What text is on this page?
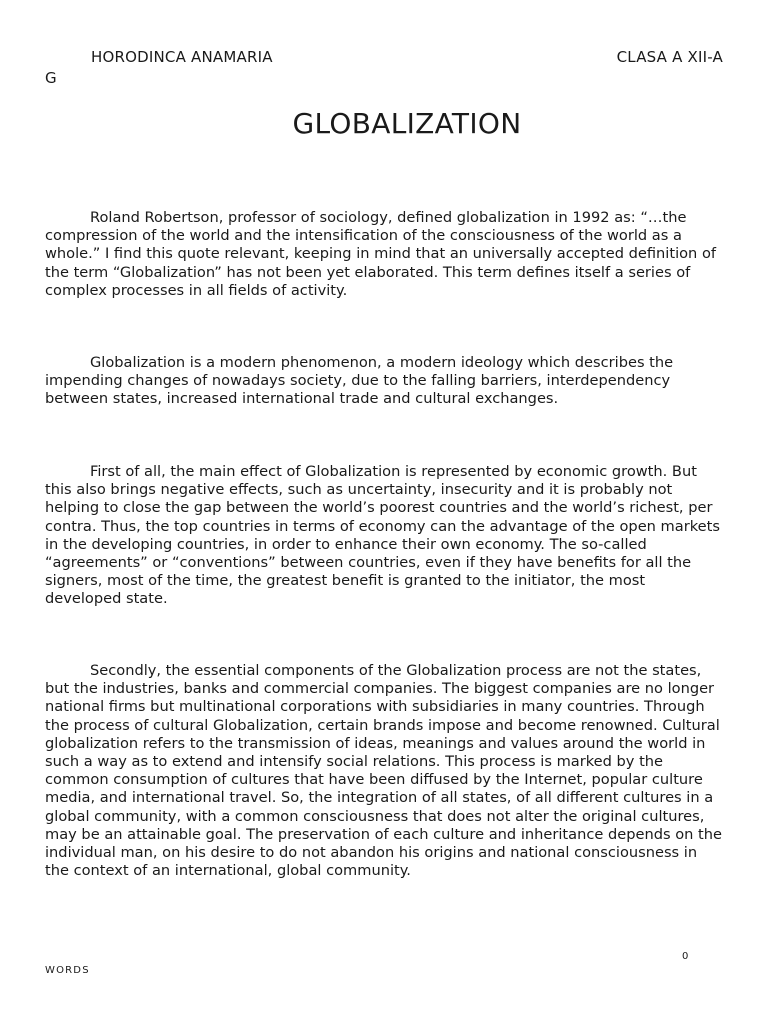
HORODINCA ANAMARIA	CLASA A XII-A
G
GLOBALIZATION

Roland Robertson, professor of sociology, defined globalization in 1992 as: “…the compression of the world and the intensification of the consciousness of the world as a whole.” I find this quote relevant, keeping in mind that an universally accepted definition of the term “Globalization” has not been yet elaborated. This term defines itself a series of complex processes in all fields of activity.

Globalization is a modern phenomenon, a modern ideology which describes the impending changes of nowadays society, due to the falling barriers, interdependency between states, increased international trade and cultural exchanges.

First of all, the main effect of Globalization is represented by economic growth. But this also brings negative effects, such as uncertainty, insecurity and it is probably not helping to close the gap between the world’s poorest countries and the world’s richest, per contra. Thus, the top countries in terms of economy can the advantage of the open markets in the developing countries, in order to enhance their own economy. The so-called “agreements” or “conventions” between countries, even if they have benefits for all the signers, most of the time, the greatest benefit is granted to the initiator, the most developed state.

Secondly, the essential components of the Globalization process are not the states, but the industries, banks and commercial companies. The biggest companies are no longer national firms but multinational corporations with subsidiaries in many countries. Through the process of cultural Globalization, certain brands impose and become renowned. Cultural globalization refers to the transmission of ideas, meanings and values around the world in such a way as to extend and intensify social relations. This process is marked by the common consumption of cultures that have been diffused by the Internet, popular culture media, and international travel. So, the integration of all states, of all different cultures in a global community, with a common consciousness that does not alter the original cultures, may be an attainable goal. The preservation of each culture and inheritance depends on the individual man, on his desire to do not abandon his origins and national consciousness in the context of an international, global community.

0
WORDS
